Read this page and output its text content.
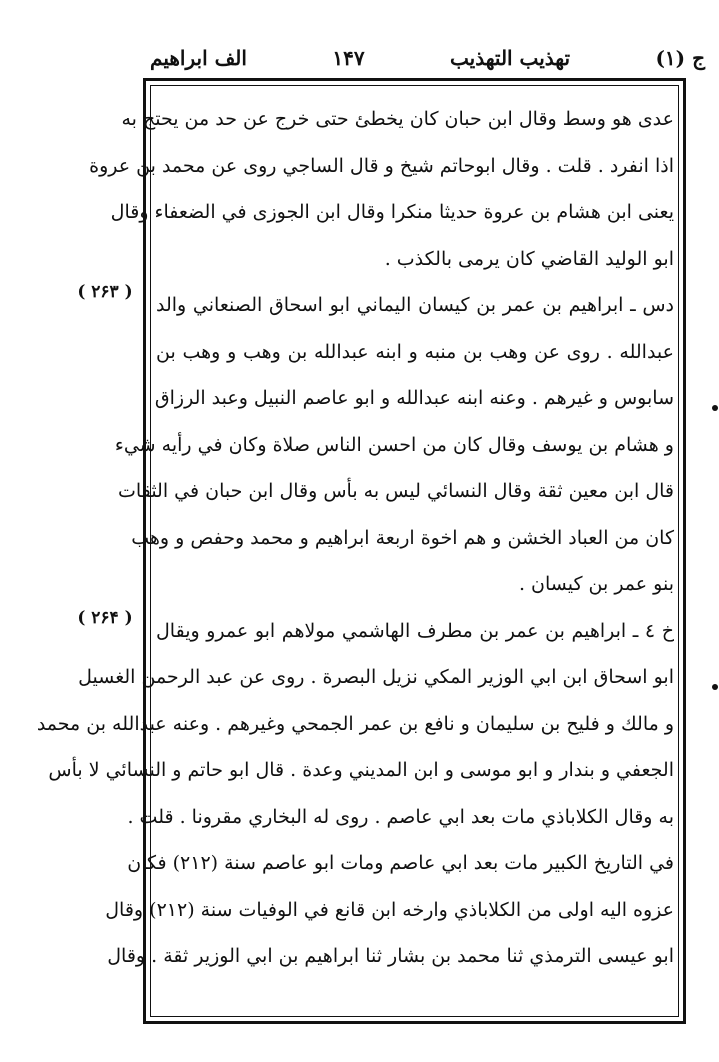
ج (۱)
تهذيب التهذيب
۱۴۷
الف ابراهيم
عدى هو وسط وقال ابن حبان كان يخطئ حتى خرج عن حد من يحتج به
اذا انفرد . قلت . وقال ابوحاتم شيخ و قال الساجي روى عن محمد بن عروة
يعنى ابن هشام بن عروة حديثا منكرا وقال ابن الجوزى في الضعفاء وقال
ابو الوليد القاضي كان يرمى بالكذب .
دس ـ ابراهيم بن عمر بن كيسان اليماني ابو اسحاق الصنعاني والد
عبدالله . روى عن وهب بن منبه و ابنه عبدالله بن وهب و وهب بن
سابوس و غيرهم . وعنه ابنه عبدالله و ابو عاصم النبيل وعبد الرزاق
و هشام بن يوسف وقال كان من احسن الناس صلاة وكان في رأيه شيء
قال ابن معين ثقة وقال النسائي ليس به بأس وقال ابن حبان في الثقات
كان من العباد الخشن و هم اخوة اربعة ابراهيم و محمد وحفص و وهب
بنو عمر بن كيسان .
خ ٤ ـ ابراهيم بن عمر بن مطرف الهاشمي مولاهم ابو عمرو ويقال
ابو اسحاق ابن ابي الوزير المكي نزيل البصرة . روى عن عبد الرحمن الغسيل
و مالك و فليح بن سليمان و نافع بن عمر الجمحي وغيرهم . وعنه عبدالله بن محمد
الجعفي و بندار و ابو موسى و ابن المديني وعدة . قال ابو حاتم و النسائي لا بأس
به وقال الكلاباذي مات بعد ابي عاصم . روى له البخاري مقرونا . قلت .
في التاريخ الكبير مات بعد ابي عاصم ومات ابو عاصم سنة (۲۱۲) فكان
عزوه اليه اولى من الكلاباذي وارخه ابن قانع في الوفيات سنة (۲۱۲) وقال
ابو عيسى الترمذي ثنا محمد بن بشار ثنا ابراهيم بن ابي الوزير ثقة . وقال
( ۲۶۳ )
( ۲۶۴ )
